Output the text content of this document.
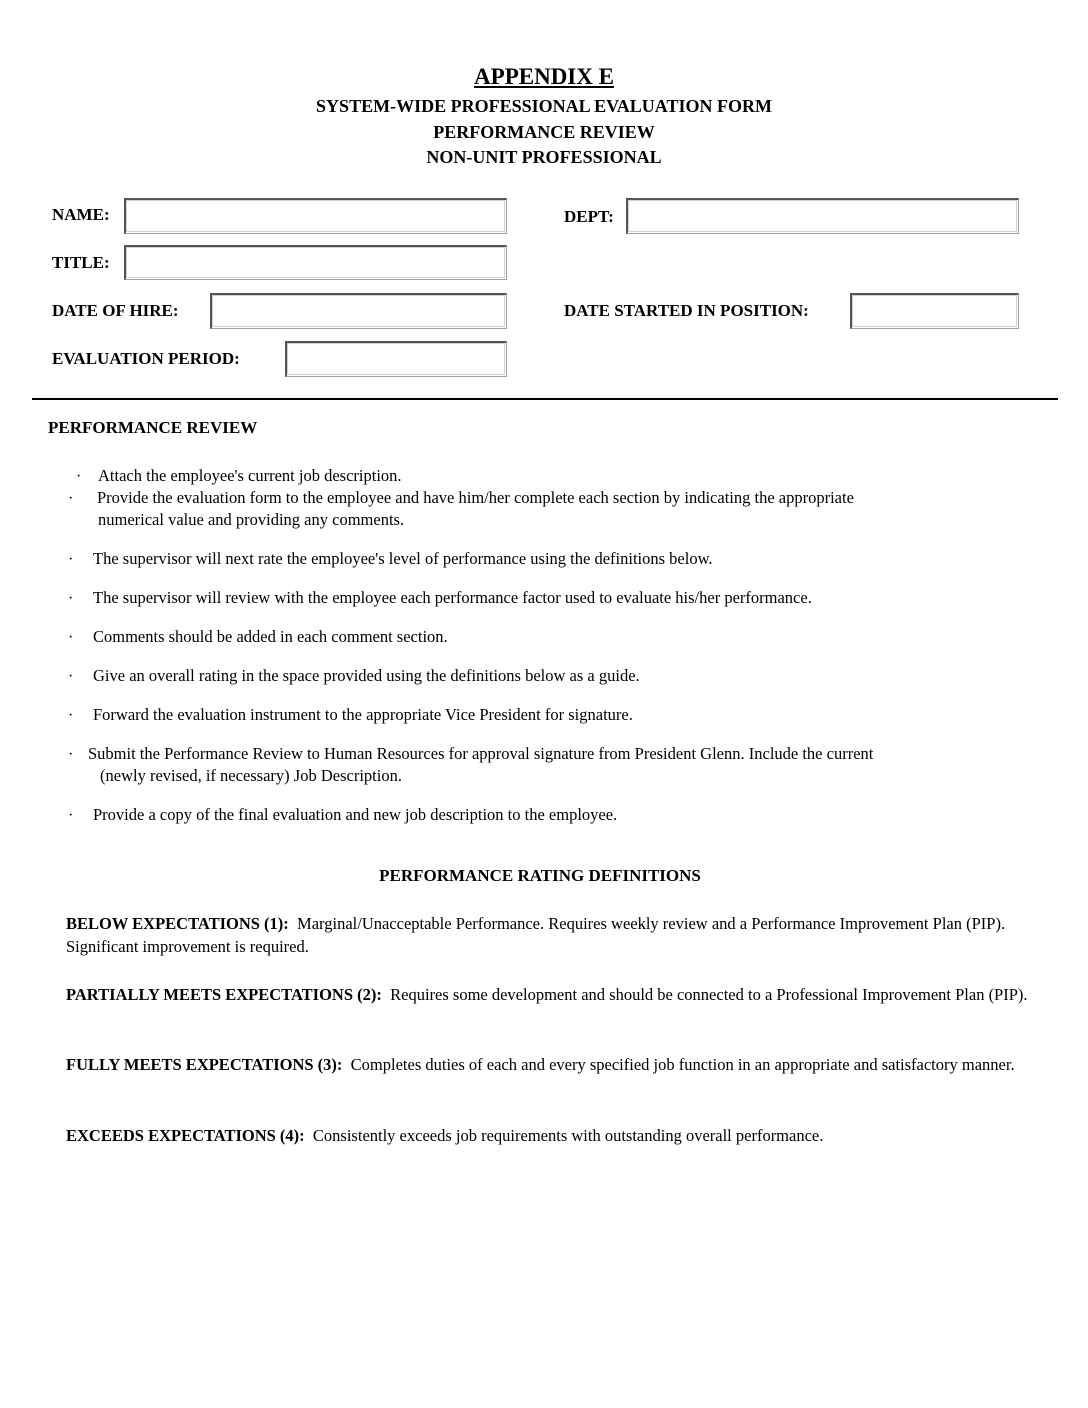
APPENDIX E
SYSTEM-WIDE PROFESSIONAL EVALUATION FORM
PERFORMANCE REVIEW
NON-UNIT PROFESSIONAL
NAME:	DEPT:
TITLE:
DATE OF HIRE:	DATE STARTED IN POSITION:
EVALUATION PERIOD:
PERFORMANCE REVIEW
· Attach the employee's current job description.
· Provide the evaluation form to the employee and have him/her complete each section by indicating the appropriate
numerical value and providing any comments.
· The supervisor will next rate the employee's level of performance using the definitions below.
· The supervisor will review with the employee each performance factor used to evaluate his/her performance.
· Comments should be added in each comment section.
· Give an overall rating in the space provided using the definitions below as a guide.
· Forward the evaluation instrument to the appropriate Vice President for signature.
· Submit the Performance Review to Human Resources for approval signature from President Glenn. Include the current
(newly revised, if necessary) Job Description.
· Provide a copy of the final evaluation and new job description to the employee.
PERFORMANCE RATING DEFINITIONS
BELOW EXPECTATIONS (1): Marginal/Unacceptable Performance. Requires weekly review and a Performance Improvement Plan (PIP). Significant improvement is required.
PARTIALLY MEETS EXPECTATIONS (2): Requires some development and should be connected to a Professional Improvement Plan (PIP).
FULLY MEETS EXPECTATIONS (3): Completes duties of each and every specified job function in an appropriate and satisfactory manner.
EXCEEDS EXPECTATIONS (4): Consistently exceeds job requirements with outstanding overall performance.
